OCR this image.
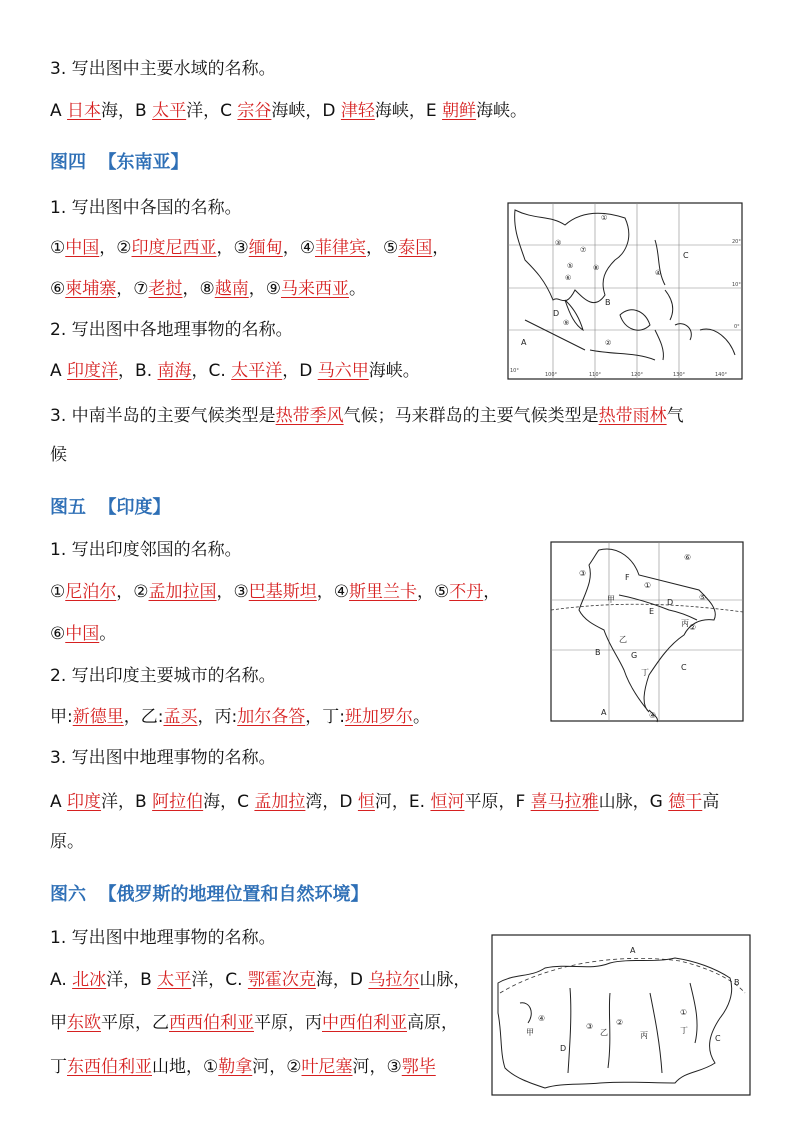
3. 写出图中主要水域的名称。
A 日本海，B 太平洋，C 宗谷海峡，D 津轻海峡，E 朝鲜海峡。
图四 【东南亚】
1. 写出图中各国的名称。
①中国，②印度尼西亚，③缅甸，④菲律宾，⑤泰国，
⑥柬埔寨，⑦老挝，⑧越南，⑨马来西亚。
2. 写出图中各地理事物的名称。
A 印度洋，B. 南海，C. 太平洋，D 马六甲海峡。
3. 中南半岛的主要气候类型是热带季风气候；马来群岛的主要气候类型是热带雨林气
候
①
②
③
④
⑤
⑥
⑦
⑧
⑨
A
B
C
D
100°	110°	120°	130°	140°
20°
10°
0°
10°
图五 【印度】
1. 写出印度邻国的名称。
①尼泊尔，②孟加拉国，③巴基斯坦，④斯里兰卡，⑤不丹，
⑥中国。
2. 写出印度主要城市的名称。
甲:新德里，乙:孟买，丙:加尔各答，丁:班加罗尔。
3. 写出图中地理事物的名称。
A 印度洋，B 阿拉伯海，C 孟加拉湾，D 恒河，E. 恒河平原，F 喜马拉雅山脉，G 德干高
原。
①
②
③
④
⑤
⑥
甲
乙
丙
丁
A
B
C
D
E
F
G
图六 【俄罗斯的地理位置和自然环境】
1. 写出图中地理事物的名称。
A. 北冰洋，B 太平洋，C. 鄂霍次克海，D 乌拉尔山脉，
甲东欧平原，乙西西伯利亚平原，丙中西伯利亚高原，
丁东西伯利亚山地，①勒拿河，②叶尼塞河，③鄂毕
A
B
C
D
甲	乙	丙
丁
①
②
③
④
